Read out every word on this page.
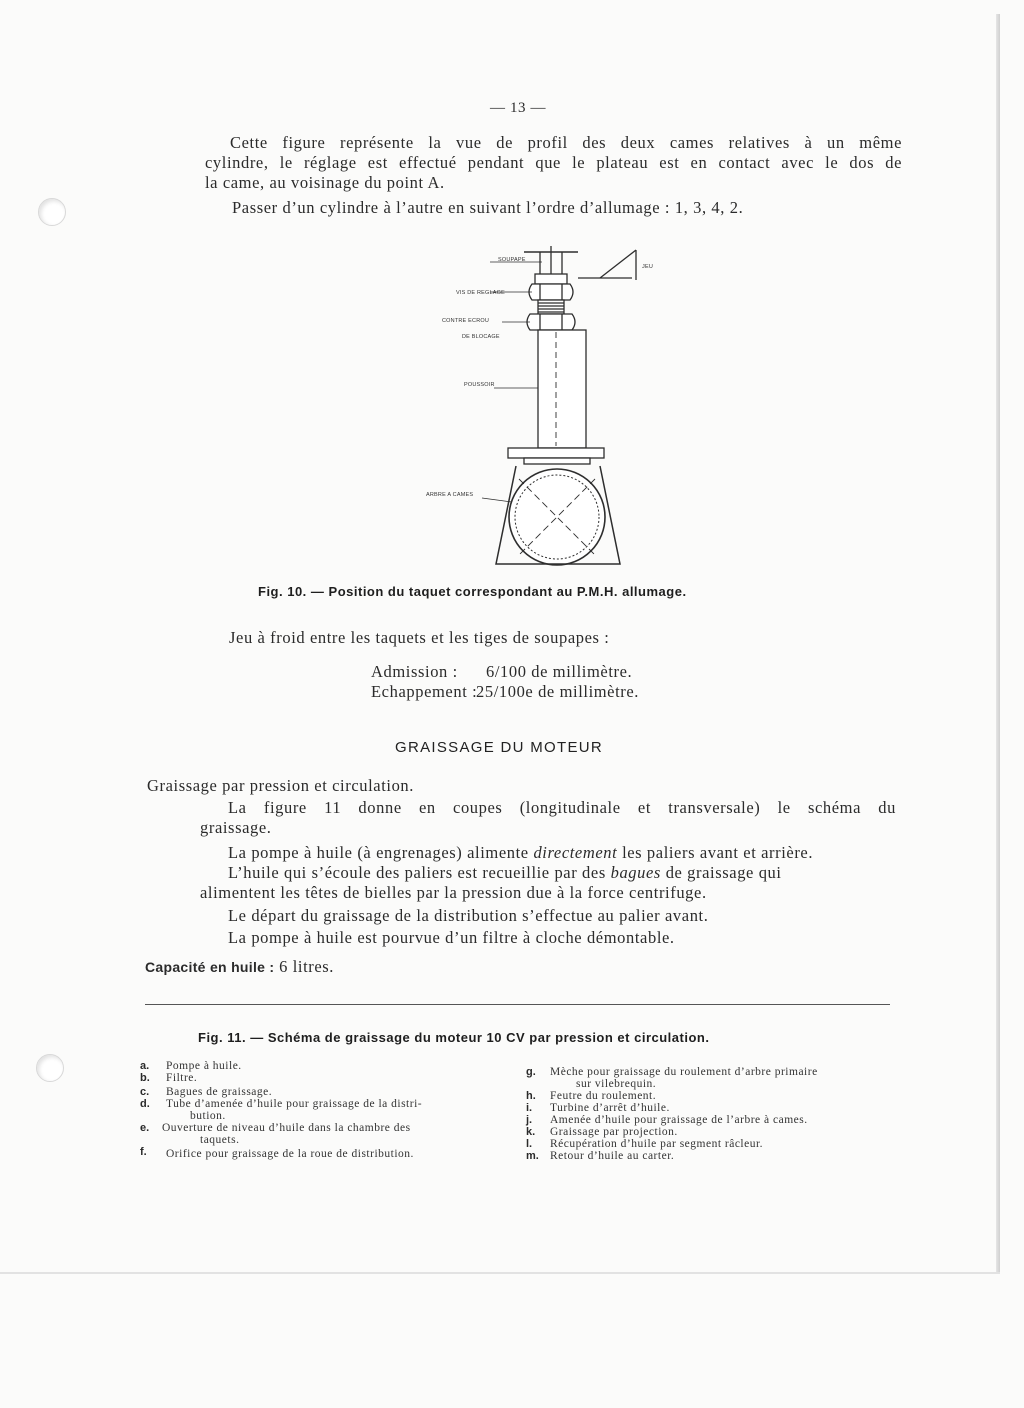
— 13 —
Cette figure représente la vue de profil des deux cames relatives à un même
cylindre, le réglage est effectué pendant que le plateau est en contact avec le dos de
la came, au voisinage du point A.
Passer d’un cylindre à l’autre en suivant l’ordre d’allumage : 1, 3, 4, 2.
SOUPAPE
JEU
VIS DE REGLAGE
CONTRE ECROU
DE BLOCAGE
POUSSOIR
ARBRE A CAMES
Fig. 10. — Position du taquet correspondant au P.M.H. allumage.
Jeu à froid entre les taquets et les tiges de soupapes :
Admission : 6/100 de millimètre.
Echappement :
25/100e de millimètre.
GRAISSAGE DU MOTEUR
Graissage par pression et circulation.
La figure 11 donne en coupes (longitudinale et transversale) le schéma du
graissage.
La pompe à huile (à engrenages) alimente directement les paliers avant et arrière.
L’huile qui s’écoule des paliers est recueillie par des bagues de graissage qui
alimentent les têtes de bielles par la pression due à la force centrifuge.
Le départ du graissage de la distribution s’effectue au palier avant.
La pompe à huile est pourvue d’un filtre à cloche démontable.
Capacité en huile : 6 litres.
Fig. 11. — Schéma de graissage du moteur 10 CV par pression et circulation.
a. Pompe à huile.
b. Filtre.
c. Bagues de graissage.
d. Tube d’amenée d’huile pour graissage de la distri-
bution.
e. Ouverture de niveau d’huile dans la chambre des
taquets.
f. Orifice pour graissage de la roue de distribution.
g. Mèche pour graissage du roulement d’arbre primaire
sur vilebrequin.
h. Feutre du roulement.
i. Turbine d’arrêt d’huile.
j. Amenée d’huile pour graissage de l’arbre à cames.
k. Graissage par projection.
l. Récupération d’huile par segment râcleur.
m. Retour d’huile au carter.
